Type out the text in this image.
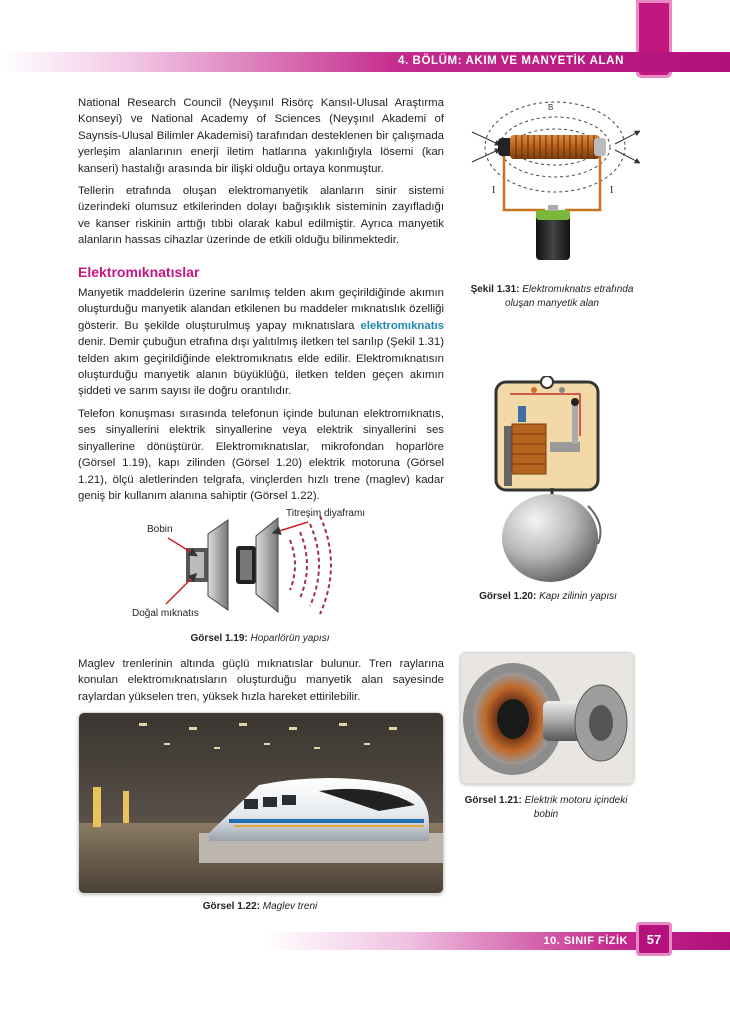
4. BÖLÜM: AKIM VE MANYETİK ALAN

National Research Council (Neyşınıl Risörç Kansıl-Ulusal Araştırma Konseyi) ve National Academy of Sciences (Neyşınıl Akademi of Saynsis-Ulusal Bilimler Akademisi) tarafından desteklenen bir çalışmada yerleşim alanlarının enerji iletim hatlarına yakınlığıyla lösemi (kan kanseri) hastalığı arasında bir ilişki olduğu ortaya konmuştur.

Tellerin etrafında oluşan elektromanyetik alanların sinir sistemi üzerindeki olumsuz etkilerinden dolayı bağışıklık sisteminin zayıfladığı ve kanser riskinin arttığı tıbbi olarak kabul edilmiştir. Ayrıca manyetik alanların hassas cihazlar üzerinde de etkili olduğu bilinmektedir.

Elektromıknatıslar

Manyetik maddelerin üzerine sarılmış telden akım geçirildiğinde akımın oluşturduğu manyetik alandan etkilenen bu maddeler mıknatıslık özelliği gösterir. Bu şekilde oluşturulmuş yapay mıknatıslara elektromıknatıs denir. Demir çubuğun etrafına dışı yalıtılmış iletken tel sarılıp (Şekil 1.31) telden akım geçirildiğinde elektromıknatıs elde edilir. Elektromıknatısın oluşturduğu manyetik alanın büyüklüğü, iletken telden geçen akımın şiddeti ve sarım sayısı ile doğru orantılıdır.

Telefon konuşması sırasında telefonun içinde bulunan elektromıknatıs, ses sinyallerini elektrik sinyallerine veya elektrik sinyallerini ses sinyallerine dönüştürür. Elektromıknatıslar, mikrofondan hoparlöre (Görsel 1.19), kapı zilinden (Görsel 1.20) elektrik motoruna (Görsel 1.21), ölçü aletlerinden telgrafa, vinçlerden hızlı trene (maglev) kadar geniş bir kullanım alanına sahiptir (Görsel 1.22).

Maglev trenlerinin altında güçlü mıknatıslar bulunur. Tren raylarına konulan elektromıknatısların oluşturduğu manyetik alan sayesinde raylardan yükselen tren, yüksek hızla hareket ettirilebilir.

B
I	I
Şekil 1.31: Elektromıknatıs etrafında oluşan manyetik alan
Görsel 1.20: Kapı zilinin yapısı
Bobin
Doğal mıknatıs
Titreşim diyaframı
Görsel 1.19: Hoparlörün yapısı
Görsel 1.21: Elektrik motoru içindeki bobin
Görsel 1.22: Maglev treni
10. SINIF FİZİK	57
